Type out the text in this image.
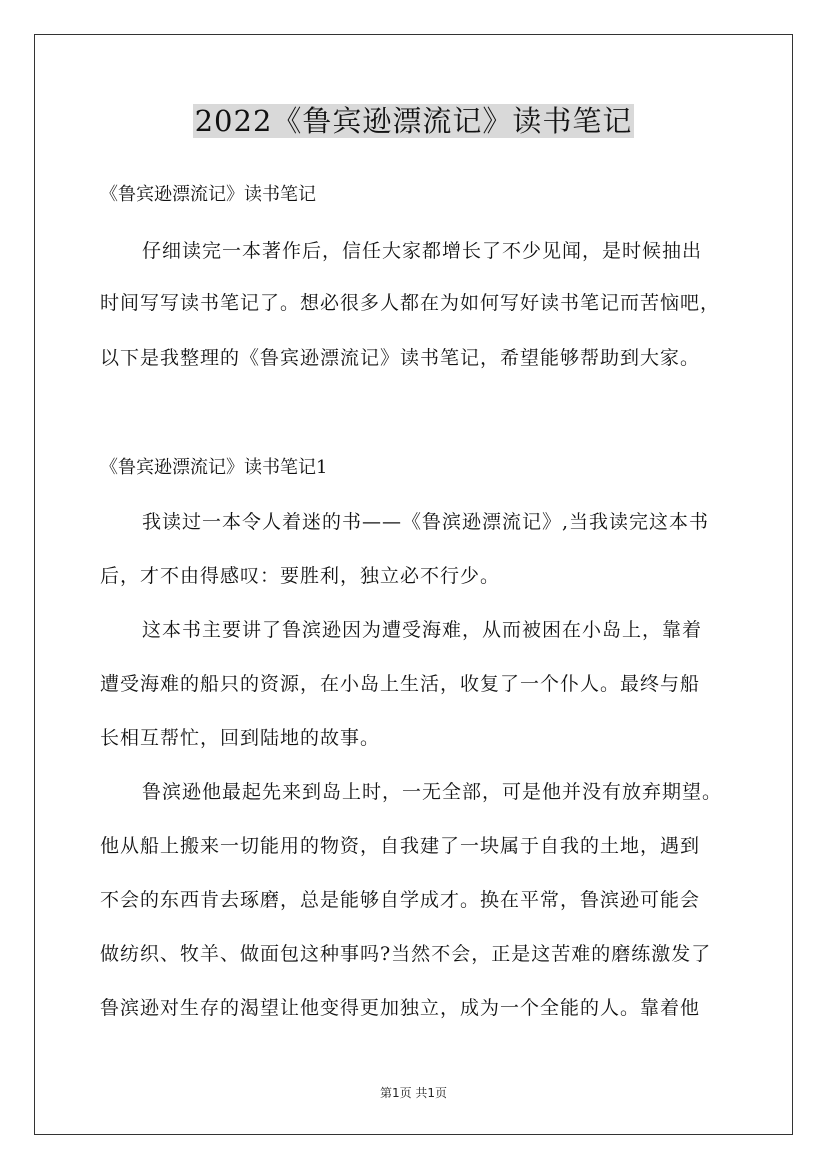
2022《鲁宾逊漂流记》读书笔记
《鲁宾逊漂流记》读书笔记
仔细读完一本著作后，信任大家都增长了不少见闻，是时候抽出
时间写写读书笔记了。想必很多人都在为如何写好读书笔记而苦恼吧，
以下是我整理的《鲁宾逊漂流记》读书笔记，希望能够帮助到大家。
《鲁宾逊漂流记》读书笔记1
我读过一本令人着迷的书——《鲁滨逊漂流记》,当我读完这本书
后，才不由得感叹：要胜利，独立必不行少。
这本书主要讲了鲁滨逊因为遭受海难，从而被困在小岛上，靠着
遭受海难的船只的资源，在小岛上生活，收复了一个仆人。最终与船
长相互帮忙，回到陆地的故事。
鲁滨逊他最起先来到岛上时，一无全部，可是他并没有放弃期望。
他从船上搬来一切能用的物资，自我建了一块属于自我的土地，遇到
不会的东西肯去琢磨，总是能够自学成才。换在平常，鲁滨逊可能会
做纺织、牧羊、做面包这种事吗?当然不会，正是这苦难的磨练激发了
鲁滨逊对生存的渴望让他变得更加独立，成为一个全能的人。靠着他
第1页 共1页
